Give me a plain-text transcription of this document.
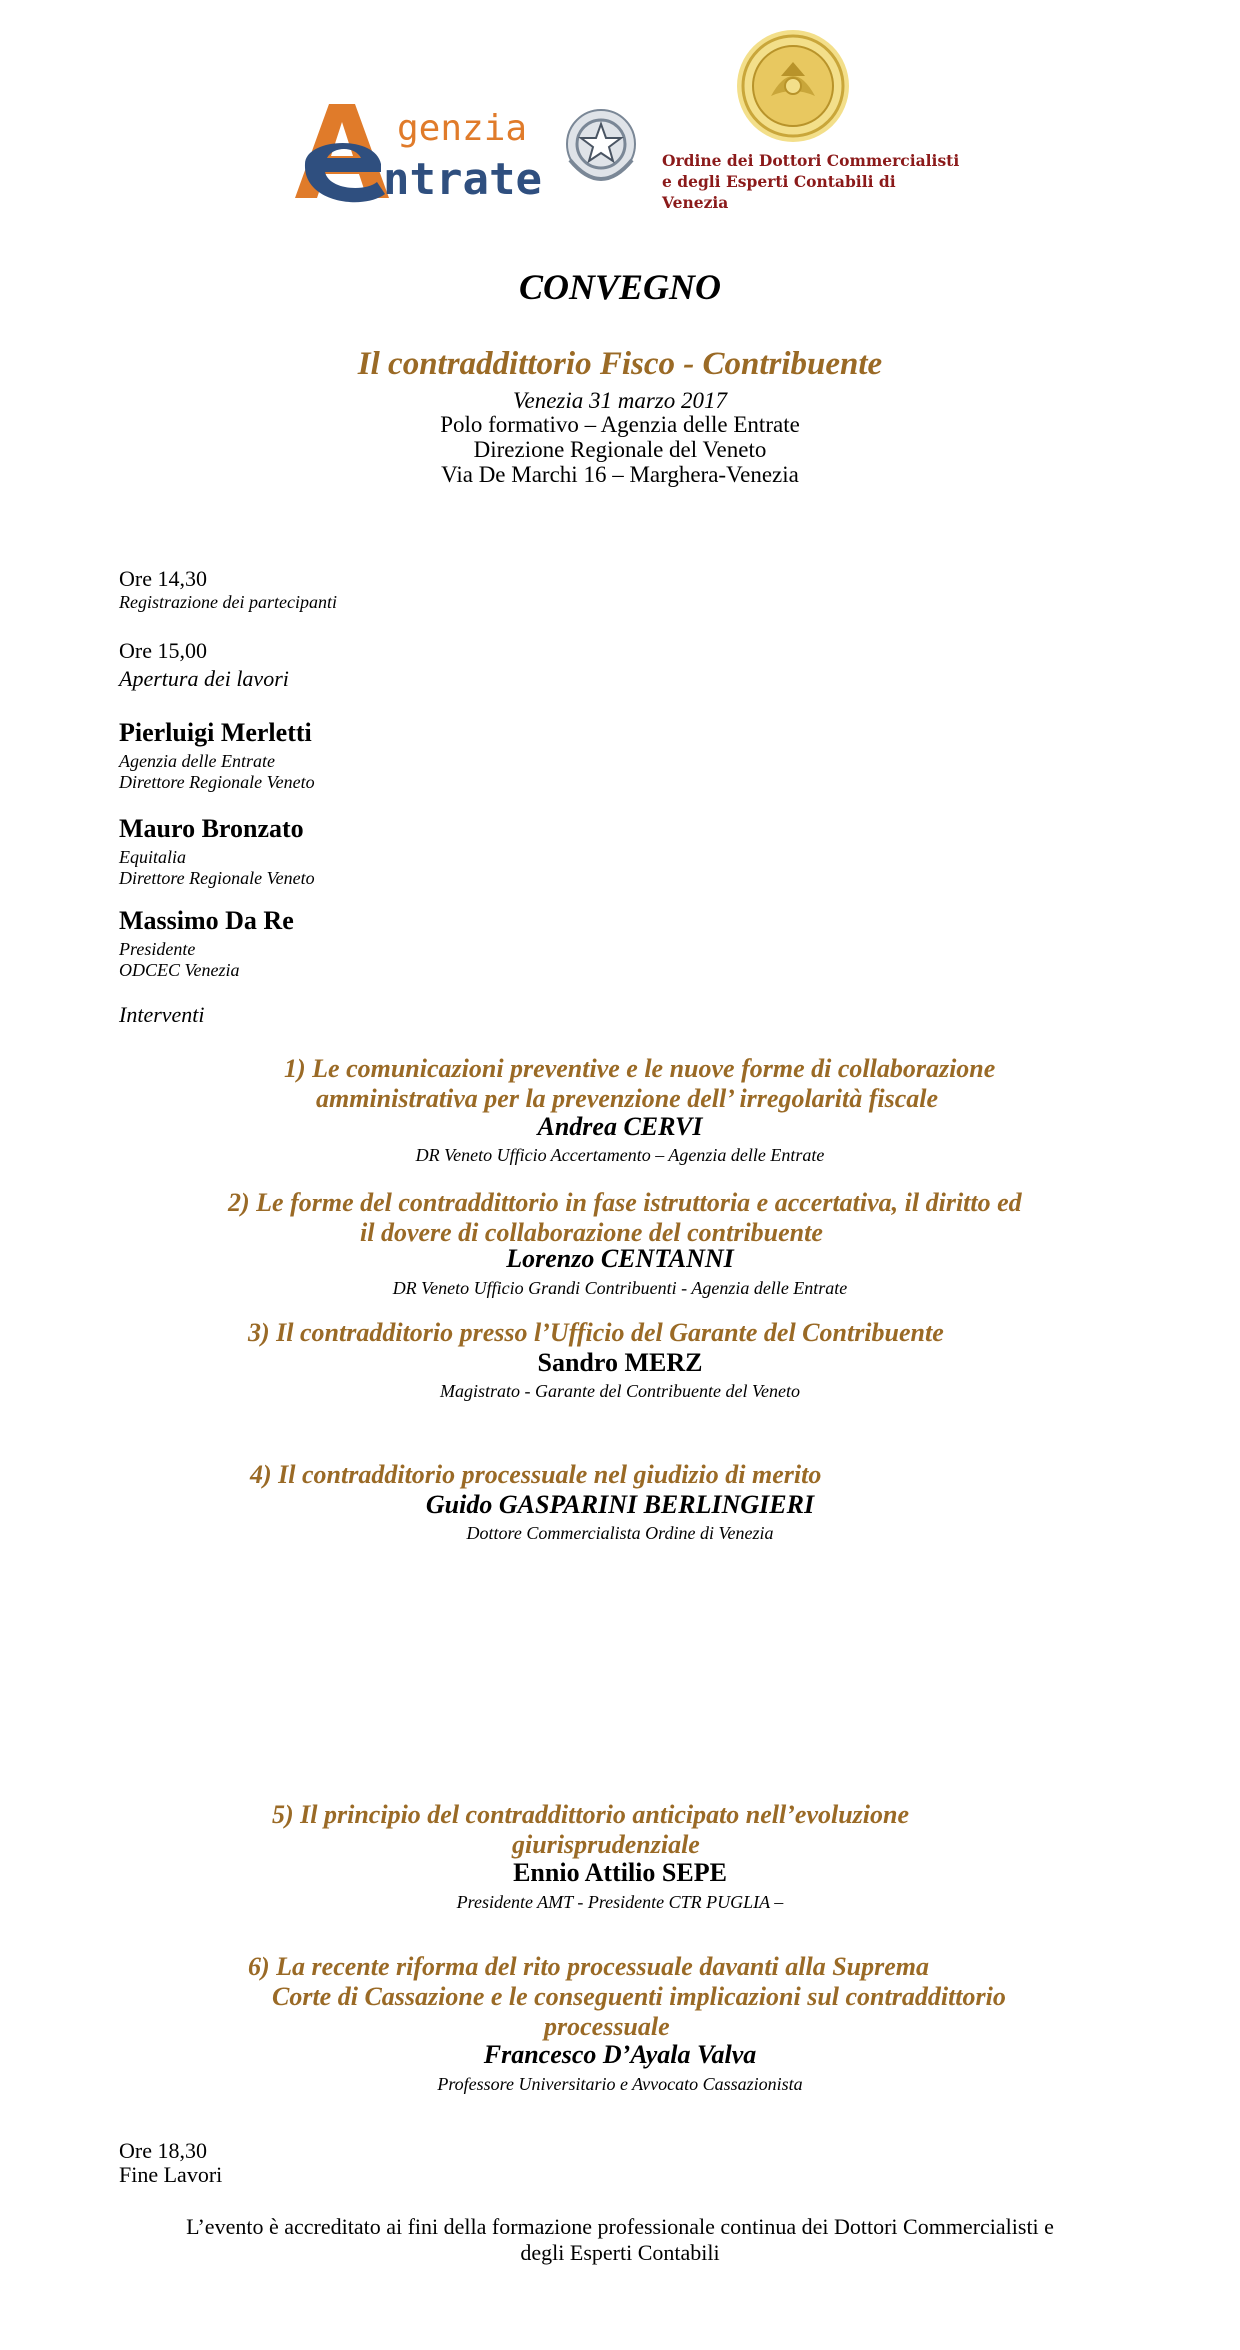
genzia
ntrate	Ordine dei Dottori Commercialisti
e degli Esperti Contabili di Venezia
CONVEGNO
Il contraddittorio Fisco - Contribuente
Venezia 31 marzo 2017
Polo formativo – Agenzia delle Entrate
Direzione Regionale del Veneto
Via De Marchi 16 – Marghera-Venezia
Ore 14,30
Registrazione dei partecipanti
Ore 15,00
Apertura dei lavori
Pierluigi Merletti
Agenzia delle Entrate
Direttore Regionale Veneto
Mauro Bronzato
Equitalia
Direttore Regionale Veneto
Massimo Da Re
Presidente
ODCEC Venezia
Interventi
1) Le comunicazioni preventive e le nuove forme di collaborazione
amministrativa per la prevenzione dell’ irregolarità fiscale
Andrea CERVI
DR Veneto Ufficio Accertamento – Agenzia delle Entrate
2) Le forme del contraddittorio in fase istruttoria e accertativa, il diritto ed
il dovere di collaborazione del contribuente
Lorenzo CENTANNI
DR Veneto Ufficio Grandi Contribuenti - Agenzia delle Entrate
3) Il contradditorio presso l’Ufficio del Garante del Contribuente
Sandro MERZ
Magistrato - Garante del Contribuente del Veneto
4) Il contradditorio processuale nel giudizio di merito
Guido GASPARINI BERLINGIERI
Dottore Commercialista Ordine di Venezia
5) Il principio del contraddittorio anticipato nell’evoluzione
giurisprudenziale
Ennio Attilio SEPE
Presidente AMT - Presidente CTR PUGLIA –
6) La recente riforma del rito processuale davanti alla Suprema
Corte di Cassazione e le conseguenti implicazioni sul contraddittorio
processuale
Francesco D’Ayala Valva
Professore Universitario e Avvocato Cassazionista
Ore 18,30
Fine Lavori
L’evento è accreditato ai fini della formazione professionale continua dei Dottori Commercialisti e
degli Esperti Contabili
